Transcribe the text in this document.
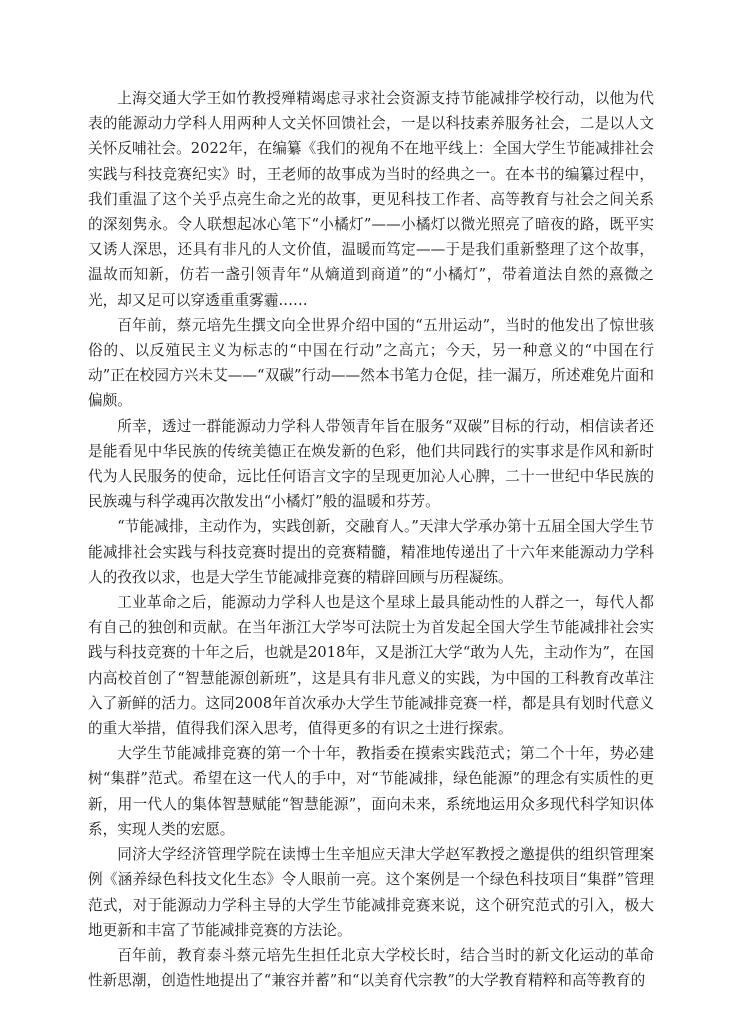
上海交通大学王如竹教授殚精竭虑寻求社会资源支持节能减排学校行动，以他为代表的能源动力学科人用两种人文关怀回馈社会，一是以科技素养服务社会，二是以人文关怀反哺社会。2022年，在编纂《我们的视角不在地平线上：全国大学生节能减排社会实践与科技竞赛纪实》时，王老师的故事成为当时的经典之一。在本书的编纂过程中，我们重温了这个关乎点亮生命之光的故事，更见科技工作者、高等教育与社会之间关系的深刻隽永。令人联想起冰心笔下“小橘灯”——小橘灯以微光照亮了暗夜的路，既平实又诱人深思，还具有非凡的人文价值，温暖而笃定——于是我们重新整理了这个故事，温故而知新，仿若一盏引领青年“从熵道到商道”的“小橘灯”，带着道法自然的熹微之光，却又足可以穿透重重雾霾……

百年前，蔡元培先生撰文向全世界介绍中国的“五卅运动”，当时的他发出了惊世骇俗的、以反殖民主义为标志的“中国在行动”之高亢；今天，另一种意义的“中国在行动”正在校园方兴未艾——“双碳”行动——然本书笔力仓促，挂一漏万，所述难免片面和偏颇。

所幸，透过一群能源动力学科人带领青年旨在服务“双碳”目标的行动，相信读者还是能看见中华民族的传统美德正在焕发新的色彩，他们共同践行的实事求是作风和新时代为人民服务的使命，远比任何语言文字的呈现更加沁人心脾，二十一世纪中华民族的民族魂与科学魂再次散发出“小橘灯”般的温暖和芬芳。

“节能减排，主动作为，实践创新，交融育人。”天津大学承办第十五届全国大学生节能减排社会实践与科技竞赛时提出的竞赛精髓，精准地传递出了十六年来能源动力学科人的孜孜以求，也是大学生节能减排竞赛的精辟回顾与历程凝练。

工业革命之后，能源动力学科人也是这个星球上最具能动性的人群之一，每代人都有自己的独创和贡献。在当年浙江大学岑可法院士为首发起全国大学生节能减排社会实践与科技竞赛的十年之后，也就是2018年，又是浙江大学“敢为人先，主动作为”，在国内高校首创了“智慧能源创新班”，这是具有非凡意义的实践，为中国的工科教育改革注入了新鲜的活力。这同2008年首次承办大学生节能减排竞赛一样，都是具有划时代意义的重大举措，值得我们深入思考，值得更多的有识之士进行探索。

大学生节能减排竞赛的第一个十年，教指委在摸索实践范式；第二个十年，势必建树“集群”范式。希望在这一代人的手中，对“节能减排，绿色能源”的理念有实质性的更新，用一代人的集体智慧赋能“智慧能源”，面向未来，系统地运用众多现代科学知识体系，实现人类的宏愿。

同济大学经济管理学院在读博士生辛旭应天津大学赵军教授之邀提供的组织管理案例《涵养绿色科技文化生态》令人眼前一亮。这个案例是一个绿色科技项目“集群”管理范式，对于能源动力学科主导的大学生节能减排竞赛来说，这个研究范式的引入，极大地更新和丰富了节能减排竞赛的方法论。

百年前，教育泰斗蔡元培先生担任北京大学校长时，结合当时的新文化运动的革命性新思潮，创造性地提出了“兼容并蓄”和“以美育代宗教”的大学教育精粹和高等教育的
